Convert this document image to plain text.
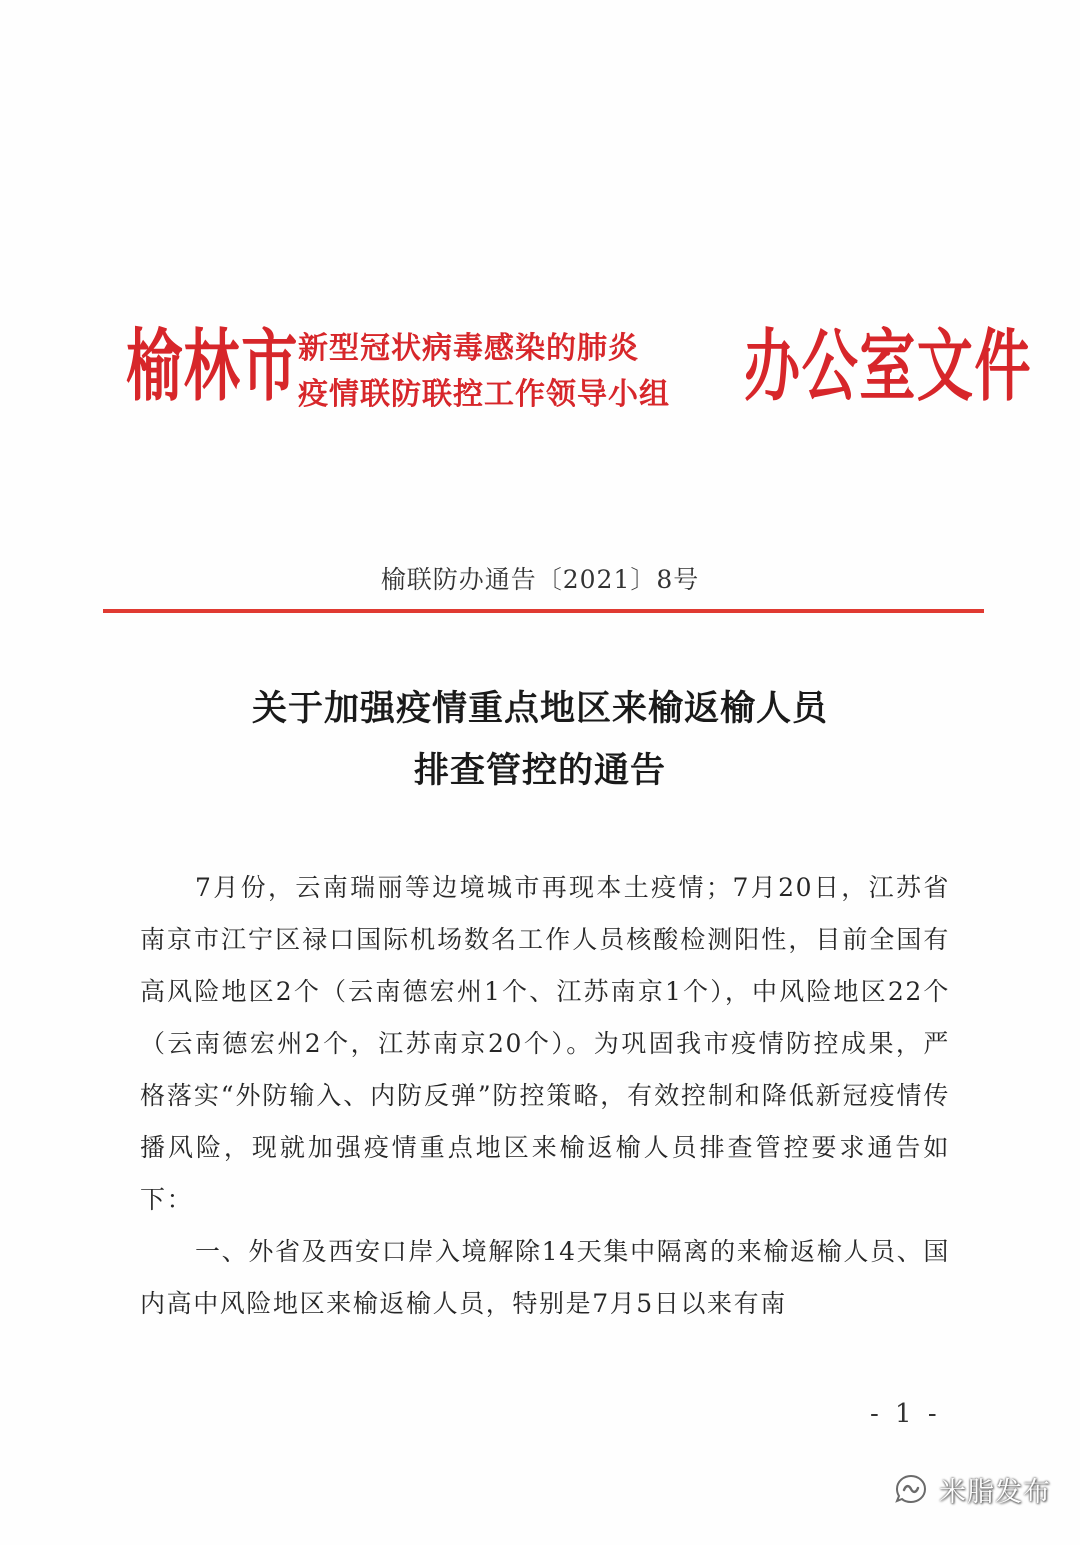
榆林市 新型冠状病毒感染的肺炎
疫情联防联控工作领导小组 办公室文件
榆联防办通告〔2021〕8号
关于加强疫情重点地区来榆返榆人员
排查管控的通告

7月份，云南瑞丽等边境城市再现本土疫情；7月20日，江苏省南京市江宁区禄口国际机场数名工作人员核酸检测阳性，目前全国有高风险地区2个（云南德宏州1个、江苏南京1个），中风险地区22个（云南德宏州2个，江苏南京20个）。为巩固我市疫情防控成果，严格落实“外防输入、内防反弹”防控策略，有效控制和降低新冠疫情传播风险，现就加强疫情重点地区来榆返榆人员排查管控要求通告如下：

一、外省及西安口岸入境解除14天集中隔离的来榆返榆人员、国内高中风险地区来榆返榆人员，特别是7月5日以来有南

- 1 -
米脂发布
